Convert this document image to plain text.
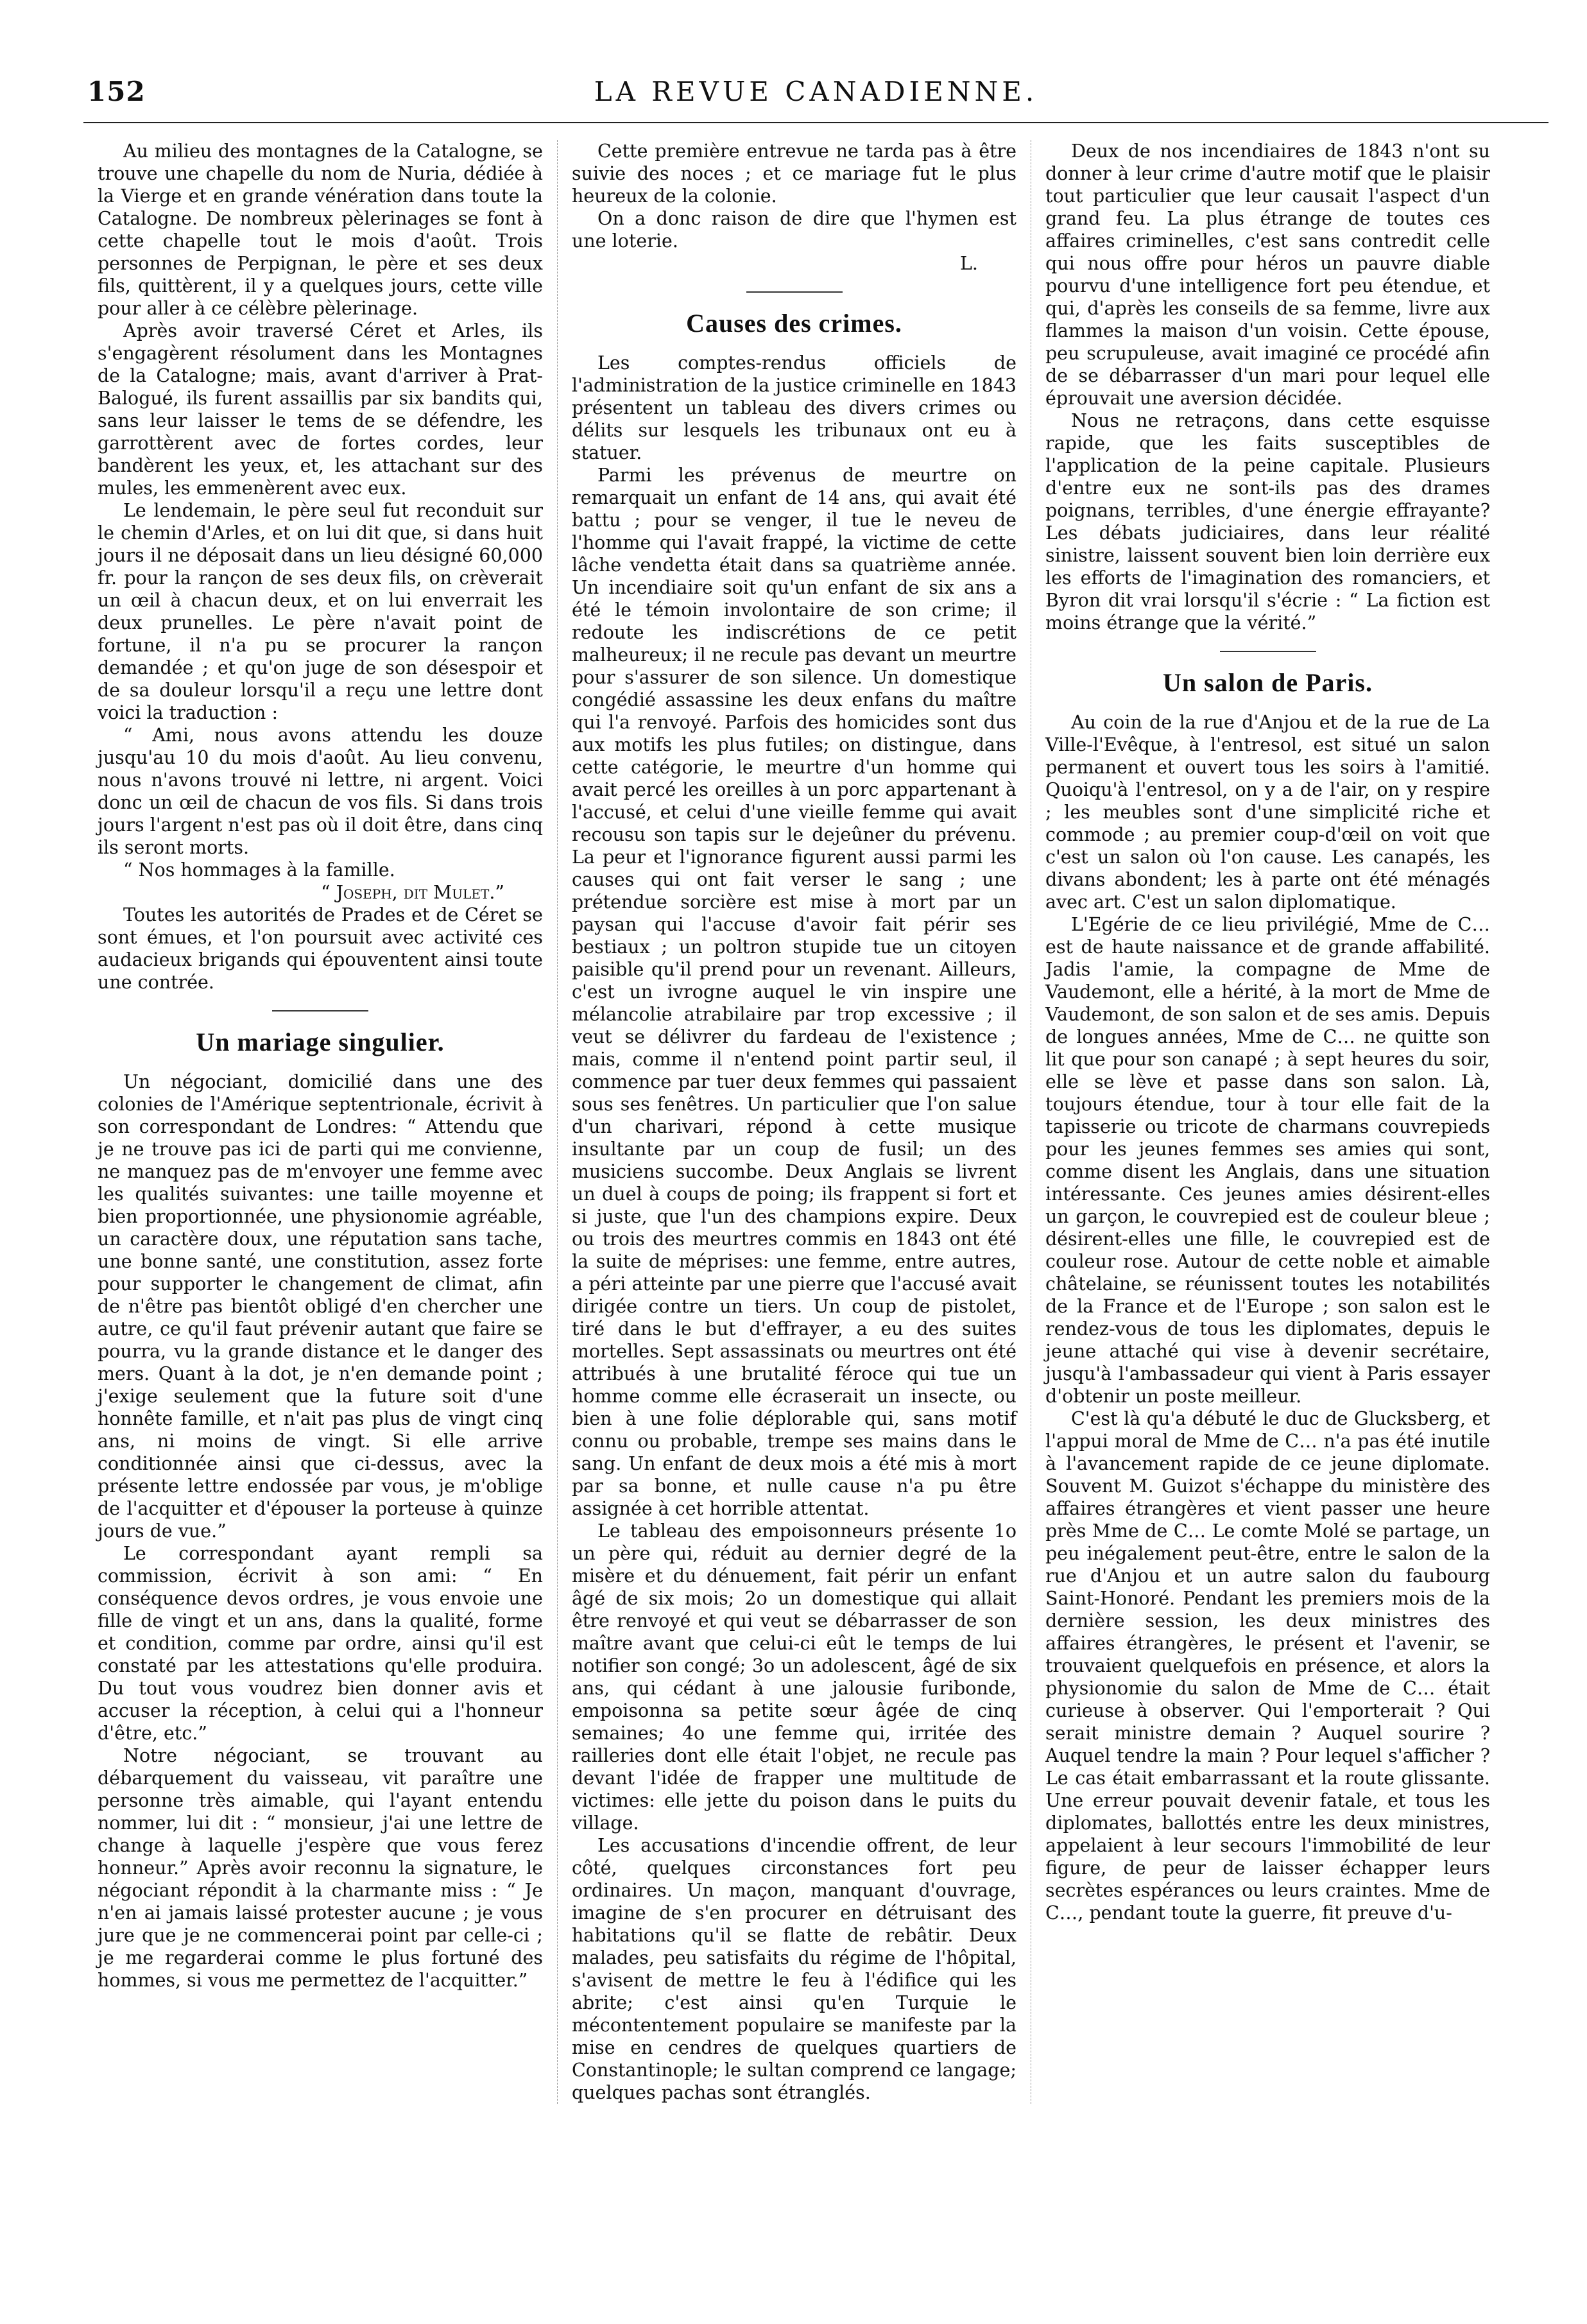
152	LA REVUE CANADIENNE.

Au milieu des montagnes de la Catalogne, se trouve une chapelle du nom de Nuria, dédiée à la Vierge et en grande vénération dans toute la Catalogne. De nombreux pèlerinages se font à cette chapelle tout le mois d'août. Trois personnes de Perpignan, le père et ses deux fils, quittèrent, il y a quelques jours, cette ville pour aller à ce célèbre pèlerinage.

Après avoir traversé Céret et Arles, ils s'engagèrent résolument dans les Montagnes de la Catalogne; mais, avant d'arriver à Prat-Balogué, ils furent assaillis par six bandits qui, sans leur laisser le tems de se défendre, les garrottèrent avec de fortes cordes, leur bandèrent les yeux, et, les attachant sur des mules, les emmenèrent avec eux.

Le lendemain, le père seul fut reconduit sur le chemin d'Arles, et on lui dit que, si dans huit jours il ne déposait dans un lieu désigné 60,000 fr. pour la rançon de ses deux fils, on crèverait un œil à chacun deux, et on lui enverrait les deux prunelles. Le père n'avait point de fortune, il n'a pu se procurer la rançon demandée ; et qu'on juge de son désespoir et de sa douleur lorsqu'il a reçu une lettre dont voici la traduction :

“ Ami, nous avons attendu les douze jusqu'au 10 du mois d'août. Au lieu convenu, nous n'avons trouvé ni lettre, ni argent. Voici donc un œil de chacun de vos fils. Si dans trois jours l'argent n'est pas où il doit être, dans cinq ils seront morts.

“ Nos hommages à la famille.

“ Joseph, dit Mulet.”

Toutes les autorités de Prades et de Céret se sont émues, et l'on poursuit avec activité ces audacieux brigands qui épouventent ainsi toute une contrée.

Un mariage singulier.

Un négociant, domicilié dans une des colonies de l'Amérique septentrionale, écrivit à son correspondant de Londres: “ Attendu que je ne trouve pas ici de parti qui me convienne, ne manquez pas de m'envoyer une femme avec les qualités suivantes: une taille moyenne et bien proportionnée, une physionomie agréable, un caractère doux, une réputation sans tache, une bonne santé, une constitution, assez forte pour supporter le changement de climat, afin de n'être pas bientôt obligé d'en chercher une autre, ce qu'il faut prévenir autant que faire se pourra, vu la grande distance et le danger des mers. Quant à la dot, je n'en demande point ; j'exige seulement que la future soit d'une honnête famille, et n'ait pas plus de vingt cinq ans, ni moins de vingt. Si elle arrive conditionnée ainsi que ci-dessus, avec la présente lettre endossée par vous, je m'oblige de l'acquitter et d'épouser la porteuse à quinze jours de vue.”

Le correspondant ayant rempli sa commission, écrivit à son ami: “ En conséquence devos ordres, je vous envoie une fille de vingt et un ans, dans la qualité, forme et condition, comme par ordre, ainsi qu'il est constaté par les attestations qu'elle produira. Du tout vous voudrez bien donner avis et accuser la réception, à celui qui a l'honneur d'être, etc.”

Notre négociant, se trouvant au débarquement du vaisseau, vit paraître une personne très aimable, qui l'ayant entendu nommer, lui dit : “ monsieur, j'ai une lettre de change à laquelle j'espère que vous ferez honneur.” Après avoir reconnu la signature, le négociant répondit à la charmante miss : “ Je n'en ai jamais laissé protester aucune ; je vous jure que je ne commencerai point par celle-ci ; je me regarderai comme le plus fortuné des hommes, si vous me permettez de l'acquitter.”

Cette première entrevue ne tarda pas à être suivie des noces ; et ce mariage fut le plus heureux de la colonie.

On a donc raison de dire que l'hymen est une loterie.

L.

Causes des crimes.

Les comptes-rendus officiels de l'administration de la justice criminelle en 1843 présentent un tableau des divers crimes ou délits sur lesquels les tribunaux ont eu à statuer.

Parmi les prévenus de meurtre on remarquait un enfant de 14 ans, qui avait été battu ; pour se venger, il tue le neveu de l'homme qui l'avait frappé, la victime de cette lâche vendetta était dans sa quatrième année. Un incendiaire soit qu'un enfant de six ans a été le témoin involontaire de son crime; il redoute les indiscrétions de ce petit malheureux; il ne recule pas devant un meurtre pour s'assurer de son silence. Un domestique congédié assassine les deux enfans du maître qui l'a renvoyé. Parfois des homicides sont dus aux motifs les plus futiles; on distingue, dans cette catégorie, le meurtre d'un homme qui avait percé les oreilles à un porc appartenant à l'accusé, et celui d'une vieille femme qui avait recousu son tapis sur le dejeûner du prévenu. La peur et l'ignorance figurent aussi parmi les causes qui ont fait verser le sang ; une prétendue sorcière est mise à mort par un paysan qui l'accuse d'avoir fait périr ses bestiaux ; un poltron stupide tue un citoyen paisible qu'il prend pour un revenant. Ailleurs, c'est un ivrogne auquel le vin inspire une mélancolie atrabilaire par trop excessive ; il veut se délivrer du fardeau de l'existence ; mais, comme il n'entend point partir seul, il commence par tuer deux femmes qui passaient sous ses fenêtres. Un particulier que l'on salue d'un charivari, répond à cette musique insultante par un coup de fusil; un des musiciens succombe. Deux Anglais se livrent un duel à coups de poing; ils frappent si fort et si juste, que l'un des champions expire. Deux ou trois des meurtres commis en 1843 ont été la suite de méprises: une femme, entre autres, a péri atteinte par une pierre que l'accusé avait dirigée contre un tiers. Un coup de pistolet, tiré dans le but d'effrayer, a eu des suites mortelles. Sept assassinats ou meurtres ont été attribués à une brutalité féroce qui tue un homme comme elle écraserait un insecte, ou bien à une folie déplorable qui, sans motif connu ou probable, trempe ses mains dans le sang. Un enfant de deux mois a été mis à mort par sa bonne, et nulle cause n'a pu être assignée à cet horrible attentat.

Le tableau des empoisonneurs présente 1o un père qui, réduit au dernier degré de la misère et du dénuement, fait périr un enfant âgé de six mois; 2o un domestique qui allait être renvoyé et qui veut se débarrasser de son maître avant que celui-ci eût le temps de lui notifier son congé; 3o un adolescent, âgé de six ans, qui cédant à une jalousie furibonde, empoisonna sa petite sœur âgée de cinq semaines; 4o une femme qui, irritée des railleries dont elle était l'objet, ne recule pas devant l'idée de frapper une multitude de victimes: elle jette du poison dans le puits du village.

Les accusations d'incendie offrent, de leur côté, quelques circonstances fort peu ordinaires. Un maçon, manquant d'ouvrage, imagine de s'en procurer en détruisant des habitations qu'il se flatte de rebâtir. Deux malades, peu satisfaits du régime de l'hôpital, s'avisent de mettre le feu à l'édifice qui les abrite; c'est ainsi qu'en Turquie le mécontentement populaire se manifeste par la mise en cendres de quelques quartiers de Constantinople; le sultan comprend ce langage; quelques pachas sont étranglés.

Deux de nos incendiaires de 1843 n'ont su donner à leur crime d'autre motif que le plaisir tout particulier que leur causait l'aspect d'un grand feu. La plus étrange de toutes ces affaires criminelles, c'est sans contredit celle qui nous offre pour héros un pauvre diable pourvu d'une intelligence fort peu étendue, et qui, d'après les conseils de sa femme, livre aux flammes la maison d'un voisin. Cette épouse, peu scrupuleuse, avait imaginé ce procédé afin de se débarrasser d'un mari pour lequel elle éprouvait une aversion décidée.

Nous ne retraçons, dans cette esquisse rapide, que les faits susceptibles de l'application de la peine capitale. Plusieurs d'entre eux ne sont-ils pas des drames poignans, terribles, d'une énergie effrayante? Les débats judiciaires, dans leur réalité sinistre, laissent souvent bien loin derrière eux les efforts de l'imagination des romanciers, et Byron dit vrai lorsqu'il s'écrie : “ La fiction est moins étrange que la vérité.”

Un salon de Paris.

Au coin de la rue d'Anjou et de la rue de La Ville-l'Evêque, à l'entresol, est situé un salon permanent et ouvert tous les soirs à l'amitié. Quoiqu'à l'entresol, on y a de l'air, on y respire ; les meubles sont d'une simplicité riche et commode ; au premier coup-d'œil on voit que c'est un salon où l'on cause. Les canapés, les divans abondent; les à parte ont été ménagés avec art. C'est un salon diplomatique.

L'Egérie de ce lieu privilégié, Mme de C… est de haute naissance et de grande affabilité. Jadis l'amie, la compagne de Mme de Vaudemont, elle a hérité, à la mort de Mme de Vaudemont, de son salon et de ses amis. Depuis de longues années, Mme de C… ne quitte son lit que pour son canapé ; à sept heures du soir, elle se lève et passe dans son salon. Là, toujours étendue, tour à tour elle fait de la tapisserie ou tricote de charmans couvrepieds pour les jeunes femmes ses amies qui sont, comme disent les Anglais, dans une situation intéressante. Ces jeunes amies désirent-elles un garçon, le couvrepied est de couleur bleue ; désirent-elles une fille, le couvrepied est de couleur rose. Autour de cette noble et aimable châtelaine, se réunissent toutes les notabilités de la France et de l'Europe ; son salon est le rendez-vous de tous les diplomates, depuis le jeune attaché qui vise à devenir secrétaire, jusqu'à l'ambassadeur qui vient à Paris essayer d'obtenir un poste meilleur.

C'est là qu'a débuté le duc de Glucksberg, et l'appui moral de Mme de C… n'a pas été inutile à l'avancement rapide de ce jeune diplomate. Souvent M. Guizot s'échappe du ministère des affaires étrangères et vient passer une heure près Mme de C… Le comte Molé se partage, un peu inégalement peut-être, entre le salon de la rue d'Anjou et un autre salon du faubourg Saint-Honoré. Pendant les premiers mois de la dernière session, les deux ministres des affaires étrangères, le présent et l'avenir, se trouvaient quelquefois en présence, et alors la physionomie du salon de Mme de C… était curieuse à observer. Qui l'emporterait ? Qui serait ministre demain ? Auquel sourire ? Auquel tendre la main ? Pour lequel s'afficher ? Le cas était embarrassant et la route glissante. Une erreur pouvait devenir fatale, et tous les diplomates, ballottés entre les deux ministres, appelaient à leur secours l'immobilité de leur figure, de peur de laisser échapper leurs secrètes espérances ou leurs craintes. Mme de C…, pendant toute la guerre, fit preuve d'u-
